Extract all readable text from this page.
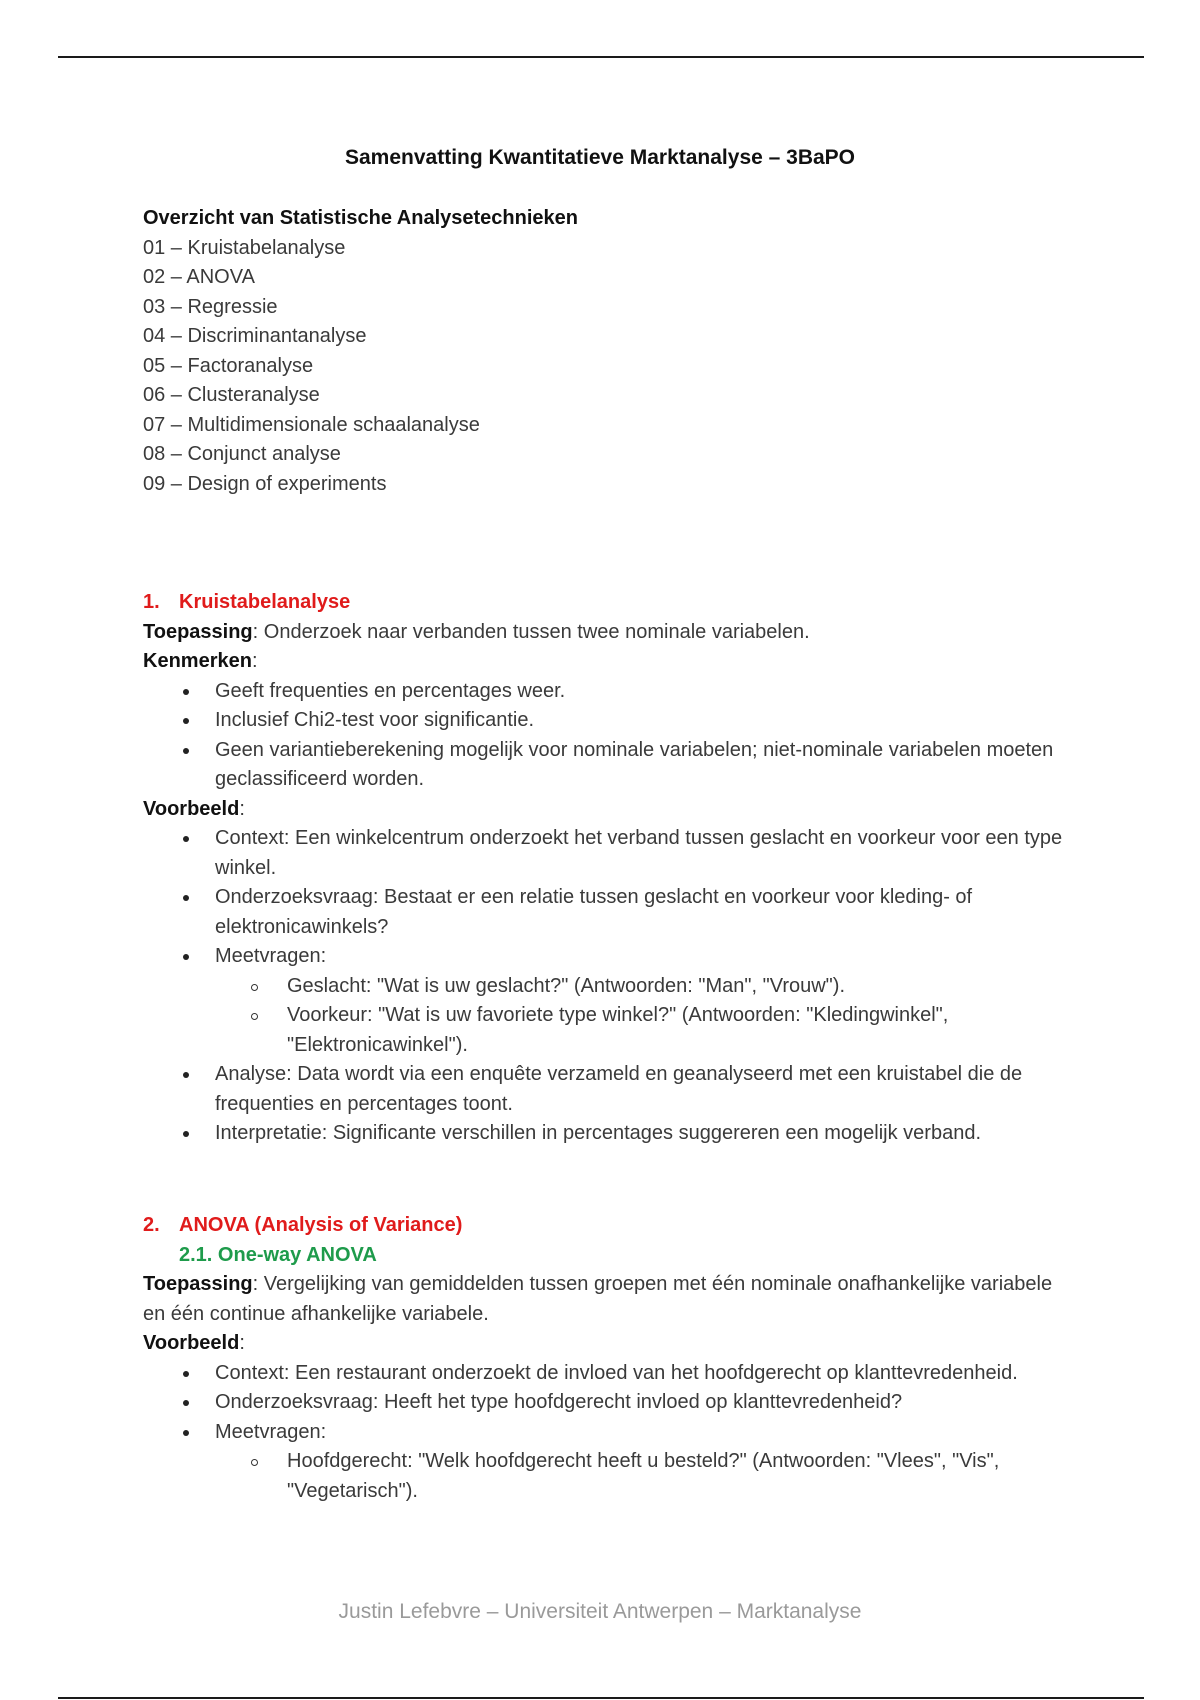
Samenvatting Kwantitatieve Marktanalyse – 3BaPO
Overzicht van Statistische Analysetechnieken
01 – Kruistabelanalyse
02 – ANOVA
03 – Regressie
04 – Discriminantanalyse
05 – Factoranalyse
06 – Clusteranalyse
07 – Multidimensionale schaalanalyse
08 – Conjunct analyse
09 – Design of experiments
1. Kruistabelanalyse
Toepassing: Onderzoek naar verbanden tussen twee nominale variabelen.
Kenmerken:
Geeft frequenties en percentages weer.
Inclusief Chi2-test voor significantie.
Geen variantieberekening mogelijk voor nominale variabelen; niet-nominale variabelen moeten geclassificeerd worden.
Voorbeeld:
Context: Een winkelcentrum onderzoekt het verband tussen geslacht en voorkeur voor een type winkel.
Onderzoeksvraag: Bestaat er een relatie tussen geslacht en voorkeur voor kleding- of elektronicawinkels?
Meetvragen:
Geslacht: "Wat is uw geslacht?" (Antwoorden: "Man", "Vrouw").
Voorkeur: "Wat is uw favoriete type winkel?" (Antwoorden: "Kledingwinkel", "Elektronicawinkel").
Analyse: Data wordt via een enquête verzameld en geanalyseerd met een kruistabel die de frequenties en percentages toont.
Interpretatie: Significante verschillen in percentages suggereren een mogelijk verband.
2. ANOVA (Analysis of Variance)
2.1. One-way ANOVA
Toepassing: Vergelijking van gemiddelden tussen groepen met één nominale onafhankelijke variabele en één continue afhankelijke variabele.
Voorbeeld:
Context: Een restaurant onderzoekt de invloed van het hoofdgerecht op klanttevredenheid.
Onderzoeksvraag: Heeft het type hoofdgerecht invloed op klanttevredenheid?
Meetvragen:
Hoofdgerecht: "Welk hoofdgerecht heeft u besteld?" (Antwoorden: "Vlees", "Vis", "Vegetarisch").
Justin Lefebvre – Universiteit Antwerpen – Marktanalyse
